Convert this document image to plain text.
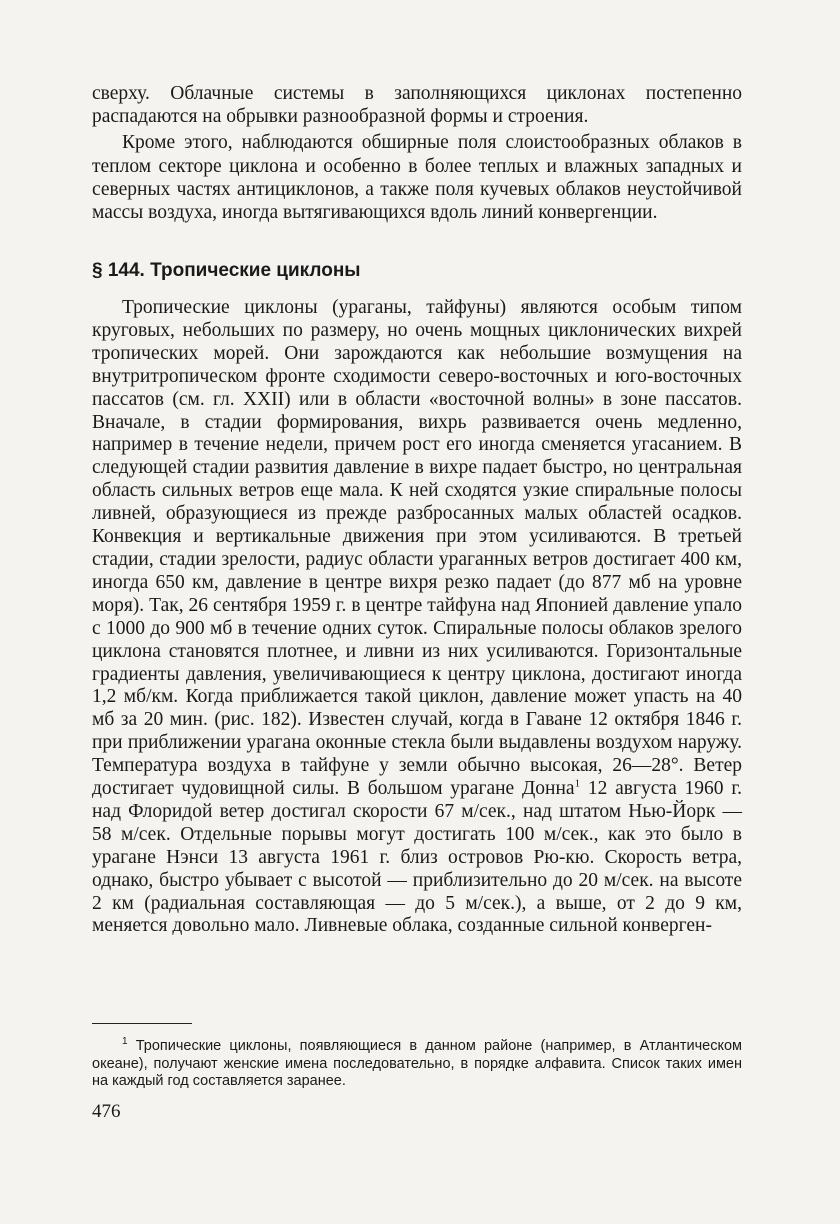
сверху. Облачные системы в заполняющихся циклонах постепенно распадаются на обрывки разнообразной формы и строения.

Кроме этого, наблюдаются обширные поля слоистообразных облаков в теплом секторе циклона и особенно в более теплых и влажных западных и северных частях антициклонов, а также поля кучевых облаков неустойчивой массы воздуха, иногда вытягивающихся вдоль линий конвергенции.

§ 144. Тропические циклоны

Тропические циклоны (ураганы, тайфуны) являются особым типом круговых, небольших по размеру, но очень мощных циклонических вихрей тропических морей. Они зарождаются как небольшие возмущения на внутритропическом фронте сходимости северо-восточных и юго-восточных пассатов (см. гл. XXII) или в области «восточной волны» в зоне пассатов. Вначале, в стадии формирования, вихрь развивается очень медленно, например в течение недели, причем рост его иногда сменяется угасанием. В следующей стадии развития давление в вихре падает быстро, но центральная область сильных ветров еще мала. К ней сходятся узкие спиральные полосы ливней, образующиеся из прежде разбросанных малых областей осадков. Конвекция и вертикальные движения при этом усиливаются. В третьей стадии, стадии зрелости, радиус области ураганных ветров достигает 400 км, иногда 650 км, давление в центре вихря резко падает (до 877 мб на уровне моря). Так, 26 сентября 1959 г. в центре тайфуна над Японией давление упало с 1000 до 900 мб в течение одних суток. Спиральные полосы облаков зрелого циклона становятся плотнее, и ливни из них усиливаются. Горизонтальные градиенты давления, увеличивающиеся к центру циклона, достигают иногда 1,2 мб/км. Когда приближается такой циклон, давление может упасть на 40 мб за 20 мин. (рис. 182). Известен случай, когда в Гаване 12 октября 1846 г. при приближении урагана оконные стекла были выдавлены воздухом наружу. Температура воздуха в тайфуне у земли обычно высокая, 26—28°. Ветер достигает чудовищной силы. В большом урагане Донна$^1$ 12 августа 1960 г. над Флоридой ветер достигал скорости 67 м/сек., над штатом Нью-Йорк — 58 м/сек. Отдельные порывы могут достигать 100 м/сек., как это было в урагане Нэнси 13 августа 1961 г. близ островов Рю-кю. Скорость ветра, однако, быстро убывает с высотой — приблизительно до 20 м/сек. на высоте 2 км (радиальная составляющая — до 5 м/сек.), а выше, от 2 до 9 км, меняется довольно мало. Ливневые облака, созданные сильной конверген-

$^1$ Тропические циклоны, появляющиеся в данном районе (например, в Атлантическом океане), получают женские имена последовательно, в порядке алфавита. Список таких имен на каждый год составляется заранее.

476
